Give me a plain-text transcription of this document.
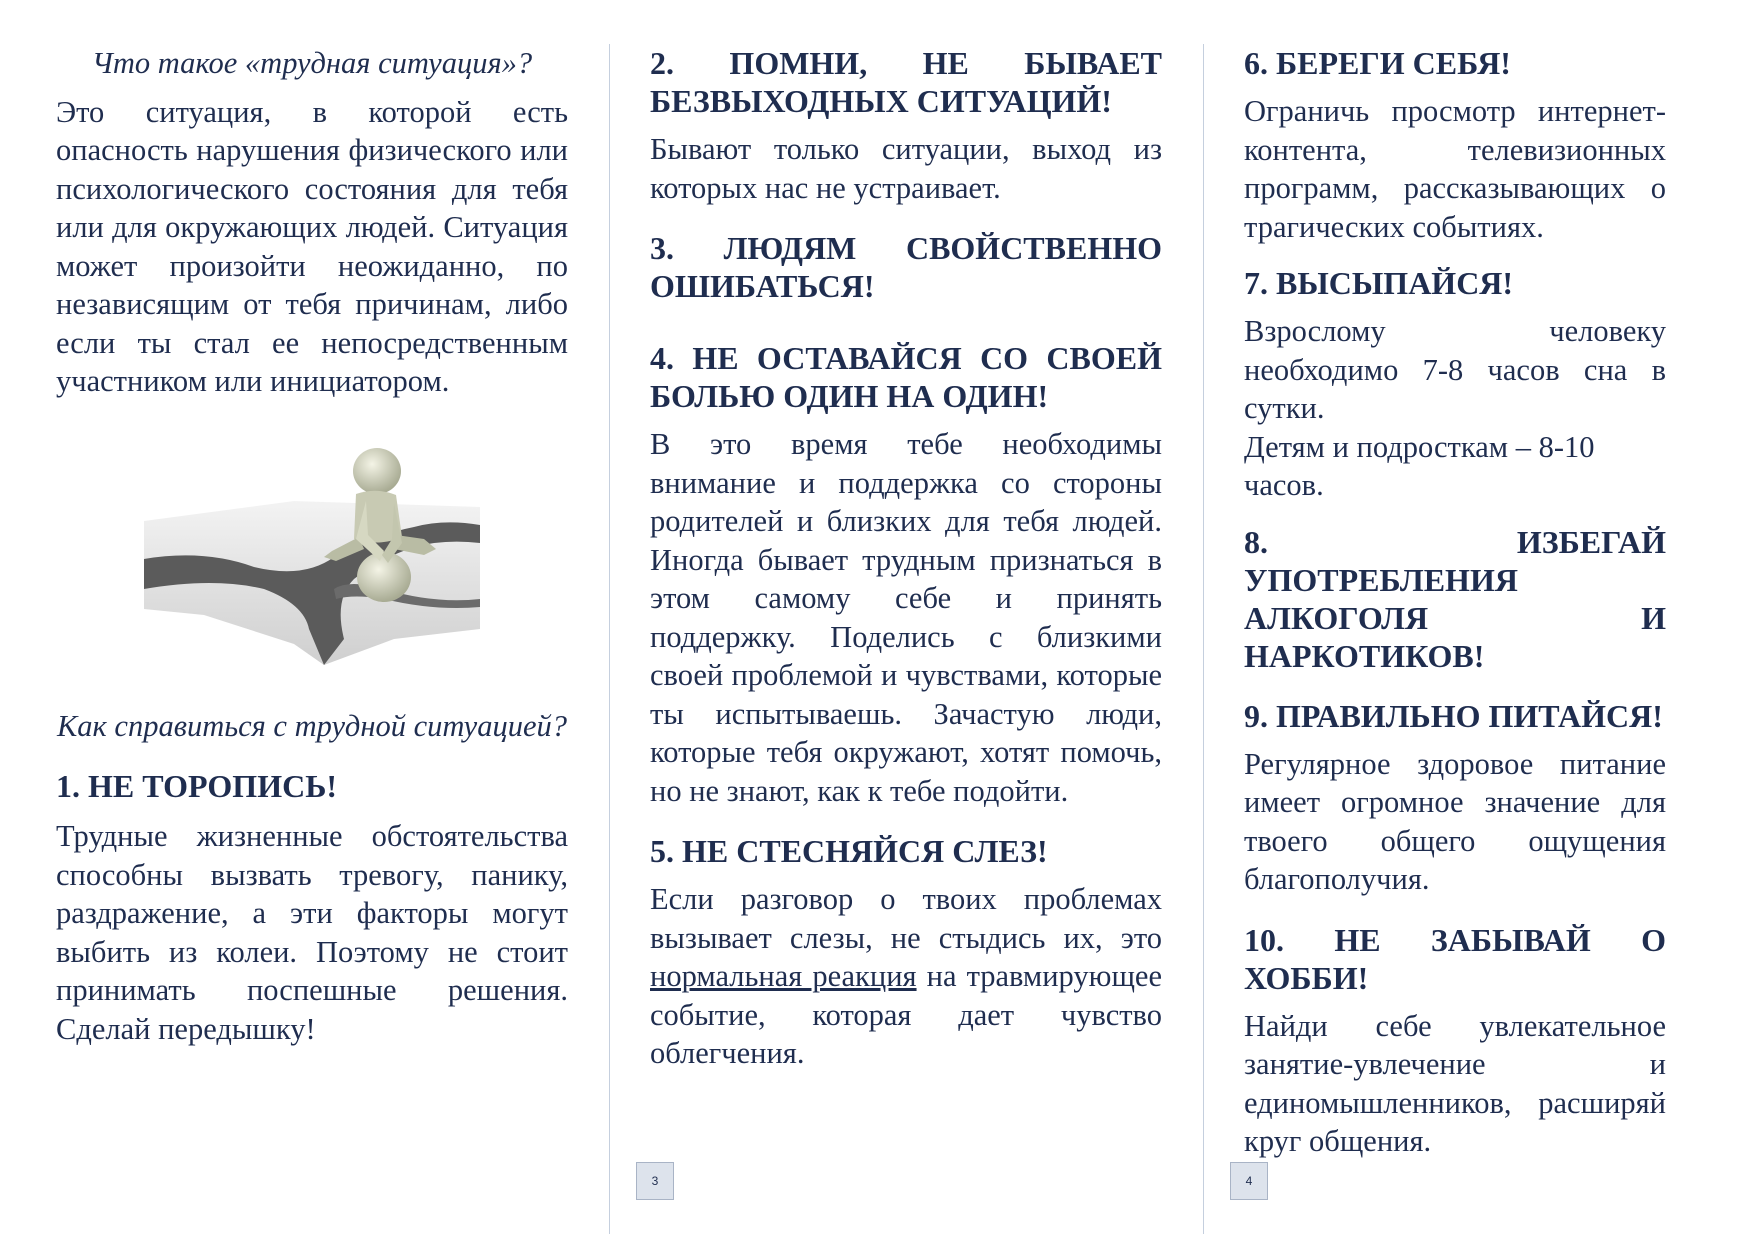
Что такое «трудная ситуация»?

Это ситуация, в которой есть опасность нарушения физического или психологического состояния для тебя или для окружающих людей. Ситуация может произойти неожиданно, по независящим от тебя причинам, либо если ты стал ее непосредственным участником или инициатором.

Как справиться с трудной ситуацией?

1. НЕ ТОРОПИСЬ!

Трудные жизненные обстоятельства способны вызвать тревогу, панику, раздражение, а эти факторы могут выбить из колеи. Поэтому не стоит принимать поспешные решения. Сделай передышку!

2. ПОМНИ, НЕ БЫВАЕТ БЕЗВЫХОДНЫХ СИТУАЦИЙ!

Бывают только ситуации, выход из которых нас не устраивает.

3. ЛЮДЯМ СВОЙСТВЕННО ОШИБАТЬСЯ!
4. НЕ ОСТАВАЙСЯ СО СВОЕЙ БОЛЬЮ ОДИН НА ОДИН!

В это время тебе необходимы внимание и поддержка со стороны родителей и близких для тебя людей. Иногда бывает трудным признаться в этом самому себе и принять поддержку. Поделись с близкими своей проблемой и чувствами, которые ты испытываешь. Зачастую люди, которые тебя окружают, хотят помочь, но не знают, как к тебе подойти.

5. НЕ СТЕСНЯЙСЯ СЛЕЗ!

Если разговор о твоих проблемах вызывает слезы, не стыдись их, это нормальная реакция на травмирующее событие, которая дает чувство облегчения.

6. БЕРЕГИ СЕБЯ!

Ограничь просмотр интернет-контента, телевизионных программ, рассказывающих о трагических событиях.

7. ВЫСЫПАЙСЯ!

Взрослому человеку необходимо 7-8 часов сна в сутки.

Детям и подросткам – 8-10 часов.

8. ИЗБЕГАЙ УПОТРЕБЛЕНИЯ АЛКОГОЛЯ И НАРКОТИКОВ!
9. ПРАВИЛЬНО ПИТАЙСЯ!

Регулярное здоровое питание имеет огромное значение для твоего общего ощущения благополучия.

10. НЕ ЗАБЫВАЙ О ХОББИ!

Найди себе увлекательное занятие-увлечение и единомышленников, расширяй круг общения.

3	4
